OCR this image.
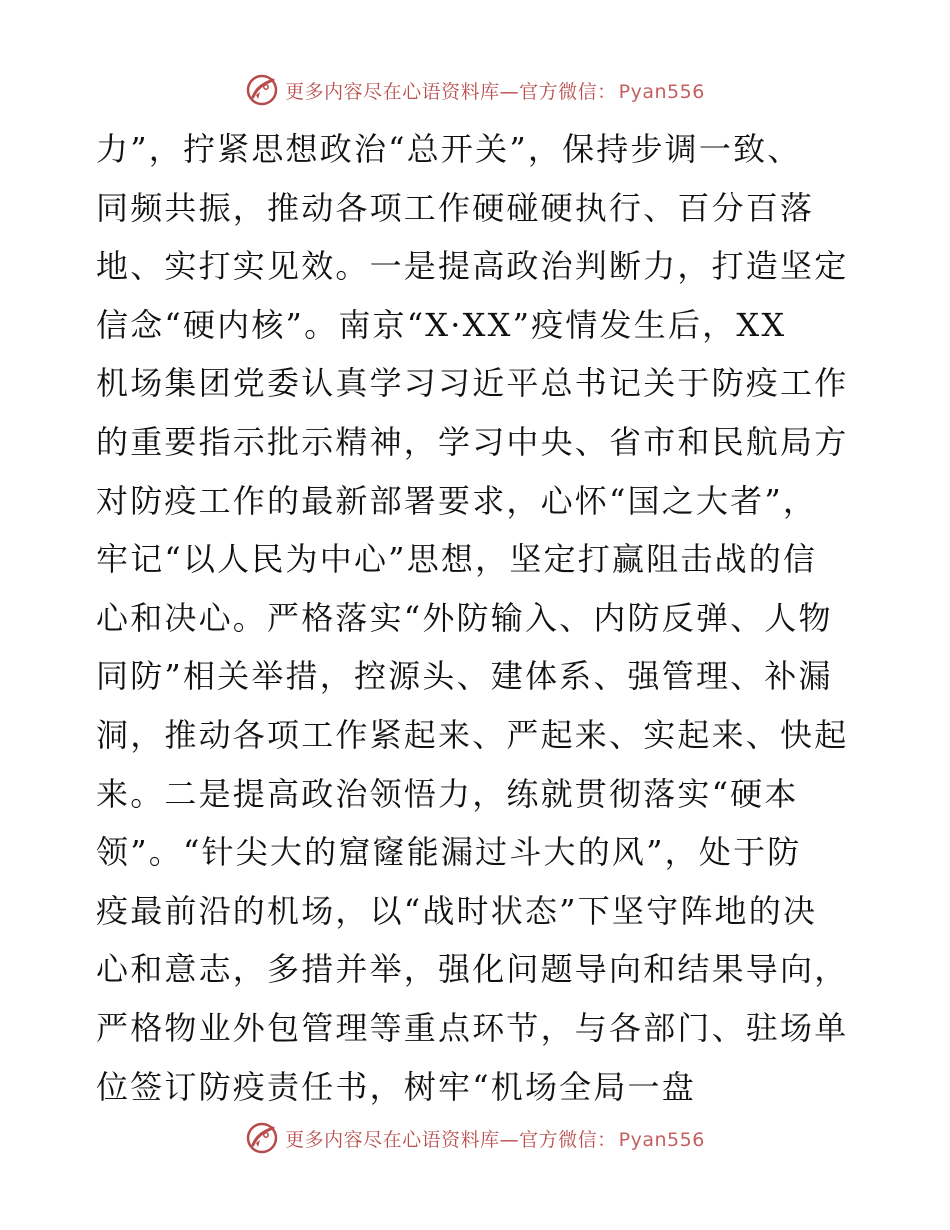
更多内容尽在心语资料库—官方微信： Pyan556
力”，拧紧思想政治“总开关”，保持步调一致、
同频共振，推动各项工作硬碰硬执行、百分百落
地、实打实见效。一是提高政治判断力，打造坚定
信念“硬内核”。南京“X·XX”疫情发生后，XX
机场集团党委认真学习习近平总书记关于防疫工作
的重要指示批示精神，学习中央、省市和民航局方
对防疫工作的最新部署要求，心怀“国之大者”，
牢记“以人民为中心”思想，坚定打赢阻击战的信
心和决心。严格落实“外防输入、内防反弹、人物
同防”相关举措，控源头、建体系、强管理、补漏
洞，推动各项工作紧起来、严起来、实起来、快起
来。二是提高政治领悟力，练就贯彻落实“硬本
领”。“针尖大的窟窿能漏过斗大的风”，处于防
疫最前沿的机场，以“战时状态”下坚守阵地的决
心和意志，多措并举，强化问题导向和结果导向，
严格物业外包管理等重点环节，与各部门、驻场单
位签订防疫责任书，树牢“机场全局一盘
更多内容尽在心语资料库—官方微信： Pyan556
